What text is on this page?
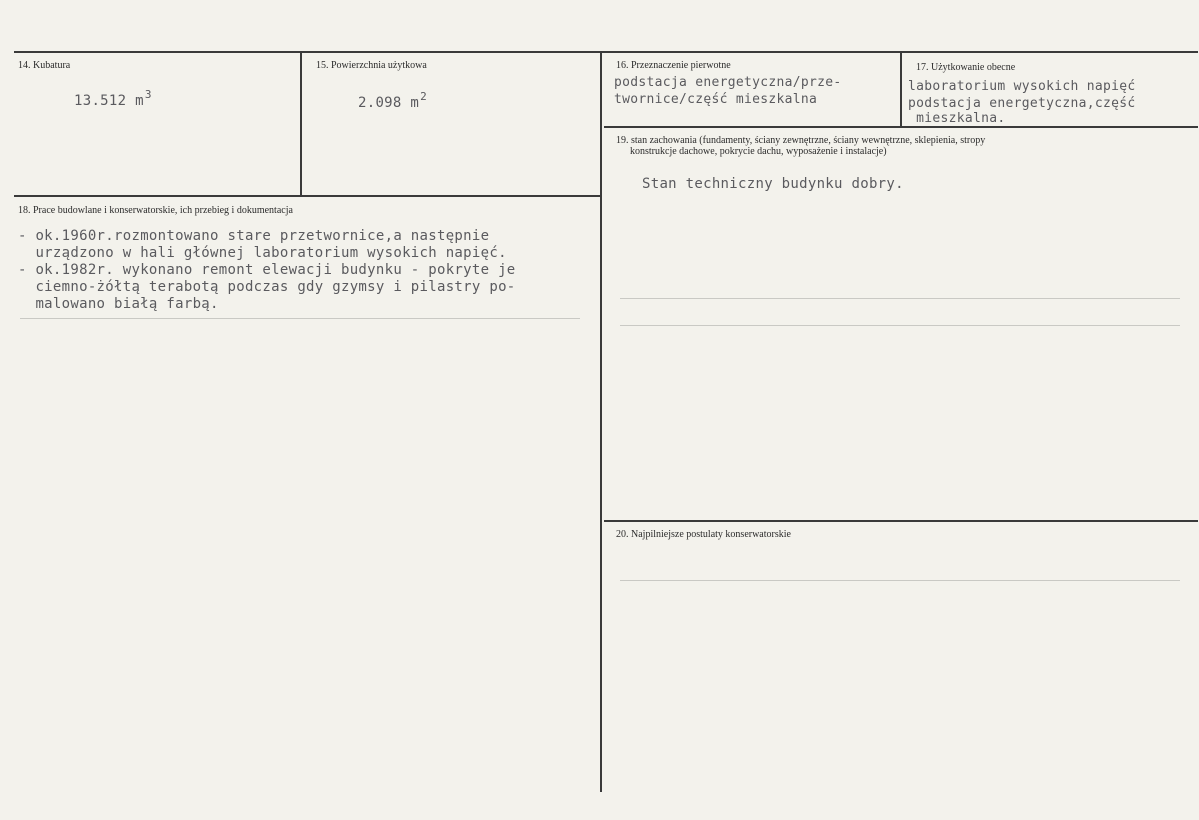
14. Kubatura
13.512 $m^3$
15. Powierzchnia użytkowa
2.098 $m^2$
16. Przeznaczenie pierwotne
podstacja energetyczna/prze-
twornice/część mieszkalna
17. Użytkowanie obecne
laboratorium wysokich napięć
podstacja energetyczna,część
mieszkalna.
18. Prace budowlane i konserwatorskie, ich przebieg i dokumentacja
- ok.1960r.rozmontowano stare przetwornice,a następnie
urządzono w hali głównej laboratorium wysokich napięć.
- ok.1982r. wykonano remont elewacji budynku - pokryte je
ciemno-żółtą terabotą podczas gdy gzymsy i pilastry po-
malowano białą farbą.
19. stan zachowania (fundamenty, ściany zewnętrzne, ściany wewnętrzne, sklepienia, stropy
konstrukcje dachowe, pokrycie dachu, wyposażenie i instalacje)
Stan techniczny budynku dobry.
20. Najpilniejsze postulaty konserwatorskie
